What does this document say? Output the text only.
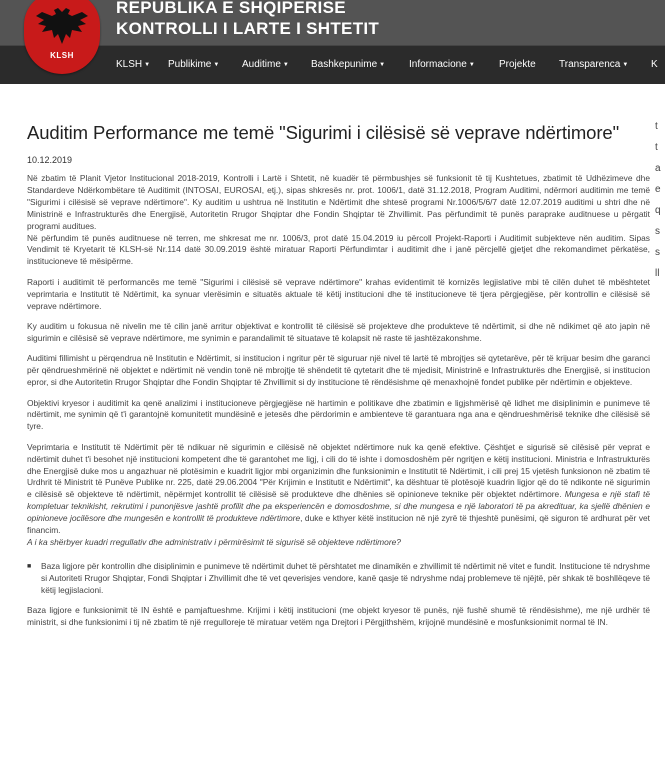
REPUBLIKA E SHQIPERISE
KONTROLLI I LARTE I SHTETIT
KLSH
KLSH ▼ Publikime ▼ Auditime ▼ Bashkepunime ▼ Informacione ▼ Projekte Transparenca ▼ K
t
t
a
e
q
s
s
ll
Auditim Performance me temë "Sigurimi i cilësisë së veprave ndërtimore"
10.12.2019

Në zbatim të Planit Vjetor Institucional 2018-2019, Kontrolli i Lartë i Shtetit, në kuadër të përmbushjes së funksionit të tij Kushtetues, zbatimit të Udhëzimeve dhe Standardeve Ndërkombëtare të Auditimit (INTOSAI, EUROSAI, etj.), sipas shkresës nr. prot. 1006/1, datë 31.12.2018, Program Auditimi, ndërmori auditimin me temë "Sigurimi i cilësisë së veprave ndërtimore". Ky auditim u ushtrua në Institutin e Ndërtimit dhe shtesë programi Nr.1006/5/6/7 datë 12.07.2019 auditimi u shtri dhe në Ministrinë e Infrastrukturës dhe Energjisë, Autoritetin Rrugor Shqiptar dhe Fondin Shqiptar të Zhvillimit. Pas përfundimit të punës paraprake auditnuese u përgatit programi auditues.

Në përfundim të punës auditnuese në terren, me shkresat me nr. 1006/3, prot datë 15.04.2019 iu përcoll Projekt-Raporti i Auditimit subjekteve nën auditim. Sipas Vendimit të Kryetarit të KLSH-së Nr.114 datë 30.09.2019 është miratuar Raporti Përfundimtar i auditimit dhe i janë përcjellë gjetjet dhe rekomandimet përkatëse, institucioneve të mësipërme.

Raporti i auditimit të performancës me temë "Sigurimi i cilësisë së veprave ndërtimore" krahas evidentimit të kornizës legjislative mbi të cilën duhet të mbështetet veprimtaria e Institutit të Ndërtimit, ka synuar vlerësimin e situatës aktuale të këtij institucioni dhe të institucioneve të tjera përgjegjëse, për kontrollin e cilësisë së veprave ndërtimore.

Ky auditim u fokusua në nivelin me të cilin janë arritur objektivat e kontrollit të cilësisë së projekteve dhe produkteve të ndërtimit, si dhe në ndikimet që ato japin në sigurimin e cilësisë së veprave ndërtimore, me synimin e parandalimit të situatave të kolapsit në raste të jashtëzakonshme.

Auditimi fillimisht u përqendrua në Institutin e Ndërtimit, si institucion i ngritur për të siguruar një nivel të lartë të mbrojtjes së qytetarëve, për të krijuar besim dhe garanci për qëndrueshmërinë në objektet e ndërtimit në vendin tonë në mbrojtje të shëndetit të qytetarit dhe të mjedisit, Ministrinë e Infrastrukturës dhe Energjisë, si institucion epror, si dhe Autoritetin Rrugor Shqiptar dhe Fondin Shqiptar të Zhvillimit si dy institucione të rëndësishme që menaxhojnë fondet publike për ndërtimin e objekteve.

Objektivi kryesor i auditimit ka qenë analizimi i institucioneve përgjegjëse në hartimin e politikave dhe zbatimin e ligjshmërisë që lidhet me disiplinimin e punimeve të ndërtimit, me synimin që t'i garantojnë komunitetit mundësinë e jetesës dhe përdorimin e ambienteve të garantuara nga ana e qëndrueshmërisë teknike dhe cilësisë së tyre.

Veprimtaria e Institutit të Ndërtimit për të ndikuar në sigurimin e cilësisë në objektet ndërtimore nuk ka qenë efektive. Çështjet e sigurisë së cilësisë për veprat e ndërtimit duhet t'i besohet një institucioni kompetent dhe të garantohet me ligj, i cili do të ishte i domosdoshëm për ngritjen e këtij institucioni. Ministria e Infrastrukturës dhe Energjisë duke mos u angazhuar në plotësimin e kuadrit ligjor mbi organizimin dhe funksionimin e Institutit të Ndërtimit, i cili prej 15 vjetësh funksionon në zbatim të Urdhrit të Ministrit të Punëve Publike nr. 225, datë 29.06.2004 "Për Krijimin e Institutit e Ndërtimit", ka dështuar të plotësojë kuadrin ligjor që do të ndikonte në sigurimin e cilësisë së objekteve të ndërtimit, nëpërmjet kontrollit të cilësisë së produkteve dhe dhënies së opinioneve teknike për objektet ndërtimore. Mungesa e një stafi të kompletuar teknikisht, rekrutimi i punonjësve jashtë profilit dhe pa eksperiencën e domosdoshme, si dhe mungesa e një laboratori të pa akredituar, ka sjellë dhënien e opinioneve jocilësore dhe mungesën e kontrollit të produkteve ndërtimore, duke e kthyer këtë institucion në një zyrë të thjeshtë punësimi, që siguron të ardhurat për vet financim.

A i ka shërbyer kuadri rregullativ dhe administrativ i përmirësimit të sigurisë së objekteve ndërtimore?

■	Baza ligjore për kontrollin dhe disiplinimin e punimeve të ndërtimit duhet të përshtatet me dinamikën e zhvillimit të ndërtimit në vitet e fundit. Institucione të ndryshme si Autoriteti Rrugor Shqiptar, Fondi Shqiptar i Zhvillimit dhe të vet qeverisjes vendore, kanë qasje të ndryshme ndaj problemeve të njëjtë, për shkak të boshllëqeve të këtij legjislacioni.

Baza ligjore e funksionimit të IN është e pamjaftueshme. Krijimi i këtij institucioni (me objekt kryesor të punës, një fushë shumë të rëndësishme), me një urdhër të ministrit, si dhe funksionimi i tij në zbatim të një rregulloreje të miratuar vetëm nga Drejtori i Përgjithshëm, krijojnë mundësinë e mosfunksionimit normal të IN.
